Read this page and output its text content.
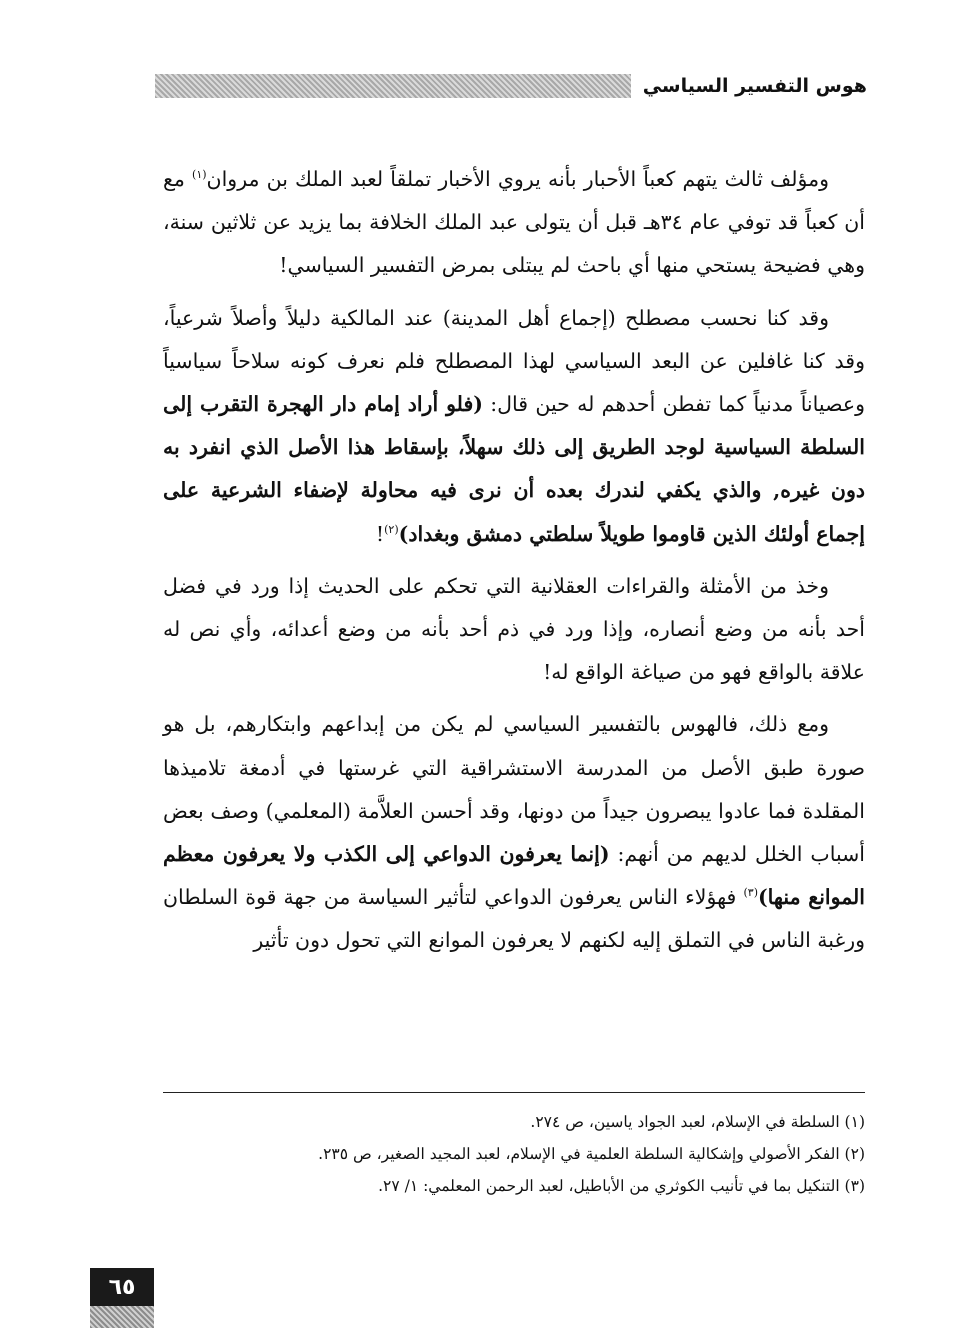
هوس التفسير السياسي

ومؤلف ثالث يتهم كعباً الأحبار بأنه يروي الأخبار تملقاً لعبد الملك بن مروان$^{(١)}$ مع أن كعباً قد توفي عام ٣٤هـ قبل أن يتولى عبد الملك الخلافة بما يزيد عن ثلاثين سنة، وهي فضيحة يستحي منها أي باحث لم يبتلى بمرض التفسير السياسي!

وقد كنا نحسب مصطلح (إجماع أهل المدينة) عند المالكية دليلاً وأصلاً شرعياً، وقد كنا غافلين عن البعد السياسي لهذا المصطلح فلم نعرف كونه سلاحاً سياسياً وعصياناً مدنياً كما تفطن أحدهم له حين قال: (فلو أراد إمام دار الهجرة التقرب إلى السلطة السياسية لوجد الطريق إلى ذلك سهلاً، بإسقاط هذا الأصل الذي انفرد به دون غيره, والذي يكفي لندرك بعده أن نرى فيه محاولة لإضفاء الشرعية على إجماع أولئك الذين قاوموا طويلاً سلطتي دمشق وبغداد)$^{(٢)}$!

وخذ من الأمثلة والقراءات العقلانية التي تحكم على الحديث إذا ورد في فضل أحد بأنه من وضع أنصاره، وإذا ورد في ذم أحد بأنه من وضع أعدائه، وأي نص له علاقة بالواقع فهو من صياغة الواقع له!

ومع ذلك، فالهوس بالتفسير السياسي لم يكن من إبداعهم وابتكارهم، بل هو صورة طبق الأصل من المدرسة الاستشراقية التي غرستها في أدمغة تلاميذها المقلدة فما عادوا يبصرون جيداً من دونها، وقد أحسن العلاَّمة (المعلمي) وصف بعض أسباب الخلل لديهم من أنهم: (إنما يعرفون الدواعي إلى الكذب ولا يعرفون معظم الموانع منها)$^{(٣)}$ فهؤلاء الناس يعرفون الدواعي لتأثير السياسة من جهة قوة السلطان ورغبة الناس في التملق إليه لكنهم لا يعرفون الموانع التي تحول دون تأثير

(١) السلطة في الإسلام، لعبد الجواد ياسين، ص ٢٧٤.

(٢) الفكر الأصولي وإشكالية السلطة العلمية في الإسلام، لعبد المجيد الصغير، ص ٢٣٥.

(٣) التنكيل بما في تأنيب الكوثري من الأباطيل، لعبد الرحمن المعلمي: ١/ ٢٧.

٦٥
